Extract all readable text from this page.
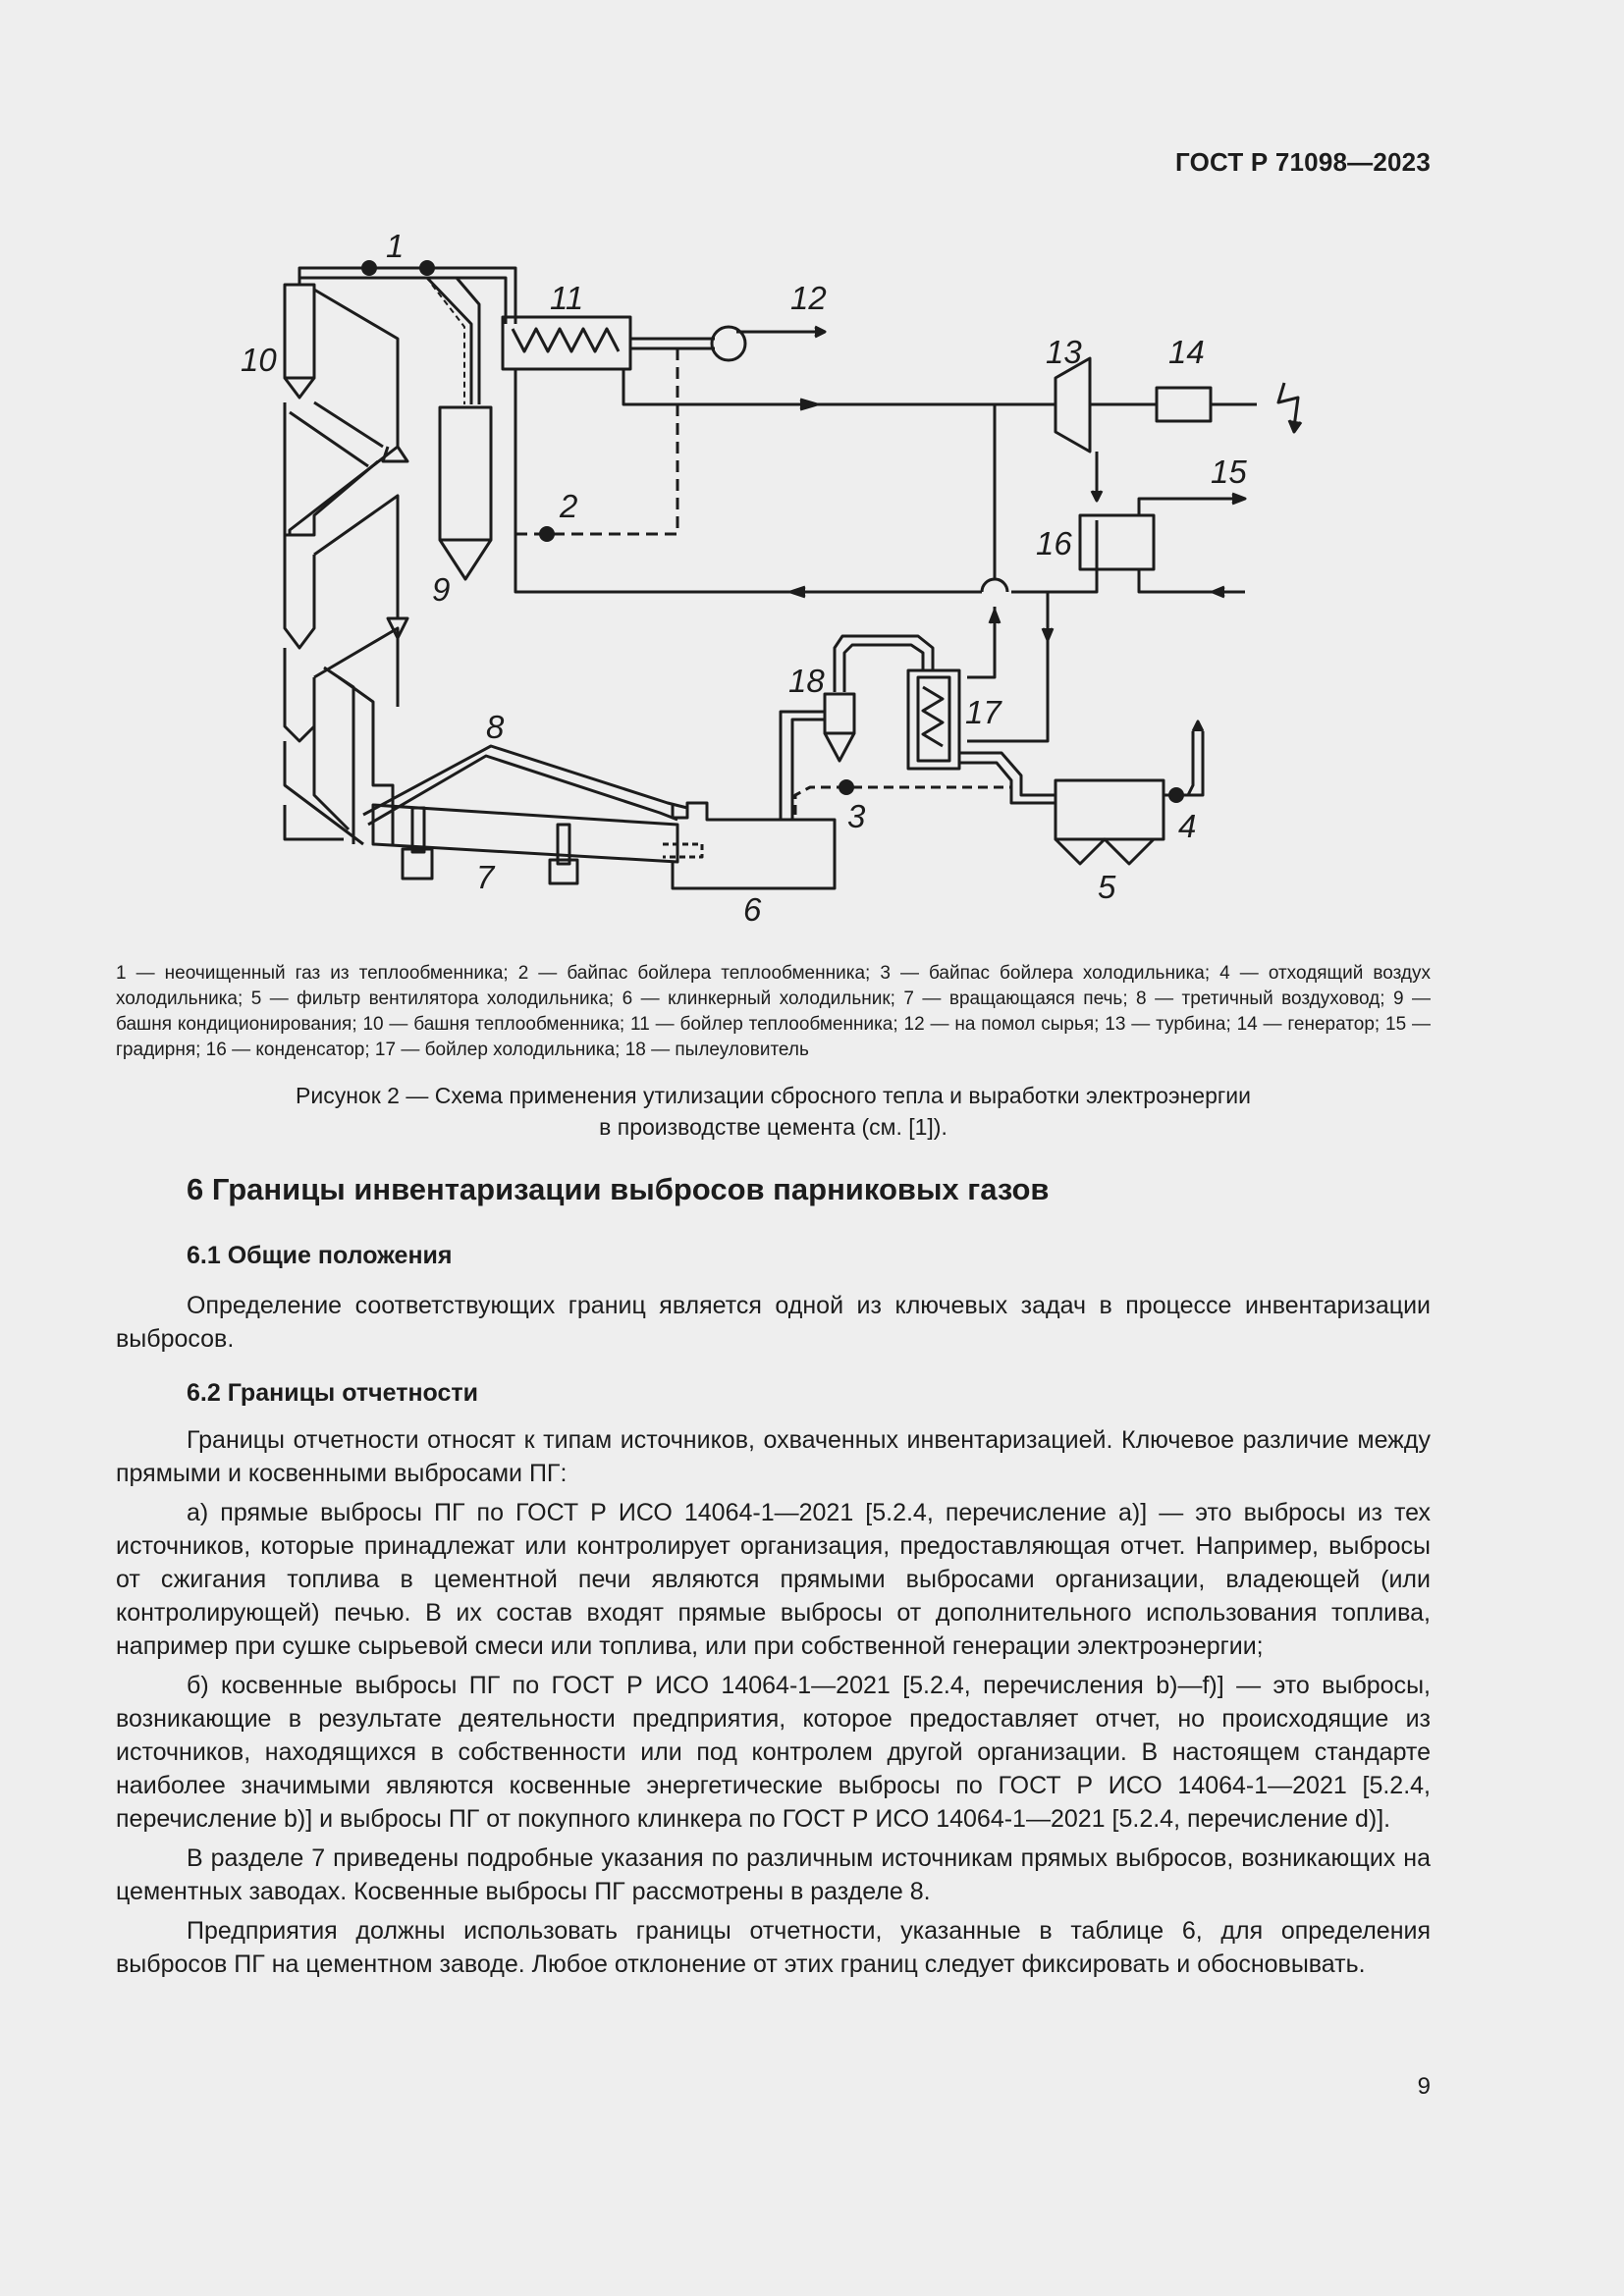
ГОСТ Р 71098—2023
1
2
3	4
5
6
7
8
9
10
11	12
13	14
15
16
17
18

1 — неочищенный газ из теплообменника; 2 — байпас бойлера теплообменника; 3 — байпас бойлера холодильника; 4 — отходящий воздух холодильника; 5 — фильтр вентилятора холодильника; 6 — клинкерный холодильник; 7 — вращающаяся печь; 8 — третичный воздуховод; 9 — башня кондиционирования; 10 — башня теплообменника; 11 — бойлер теплообменника; 12 — на помол сырья; 13 — турбина; 14 — генератор; 15 — градирня; 16 — конденсатор; 17 — бойлер холодильника; 18 — пылеуловитель

Рисунок 2 — Схема применения утилизации сбросного тепла и выработки электроэнергии

в производстве цемента (см. [1]).

6 Границы инвентаризации выбросов парниковых газов
6.1 Общие положения

Определение соответствующих границ является одной из ключевых задач в процессе инвентаризации выбросов.

6.2 Границы отчетности

Границы отчетности относят к типам источников, охваченных инвентаризацией. Ключевое различие между прямыми и косвенными выбросами ПГ:

а) прямые выбросы ПГ по ГОСТ Р ИСО 14064-1—2021 [5.2.4, перечисление а)] — это выбросы из тех источников, которые принадлежат или контролирует организация, предоставляющая отчет. Например, выбросы от сжигания топлива в цементной печи являются прямыми выбросами организации, владеющей (или контролирующей) печью. В их состав входят прямые выбросы от дополнительного использования топлива, например при сушке сырьевой смеси или топлива, или при собственной генерации электроэнергии;

б) косвенные выбросы ПГ по ГОСТ Р ИСО 14064-1—2021 [5.2.4, перечисления b)—f)] — это выбросы, возникающие в результате деятельности предприятия, которое предоставляет отчет, но происходящие из источников, находящихся в собственности или под контролем другой организации. В настоящем стандарте наиболее значимыми являются косвенные энергетические выбросы по ГОСТ Р ИСО 14064-1—2021 [5.2.4, перечисление b)] и выбросы ПГ от покупного клинкера по ГОСТ Р ИСО 14064-1—2021 [5.2.4, перечисление d)].

В разделе 7 приведены подробные указания по различным источникам прямых выбросов, возникающих на цементных заводах. Косвенные выбросы ПГ рассмотрены в разделе 8.

Предприятия должны использовать границы отчетности, указанные в таблице 6, для определения выбросов ПГ на цементном заводе. Любое отклонение от этих границ следует фиксировать и обосновывать.

9
